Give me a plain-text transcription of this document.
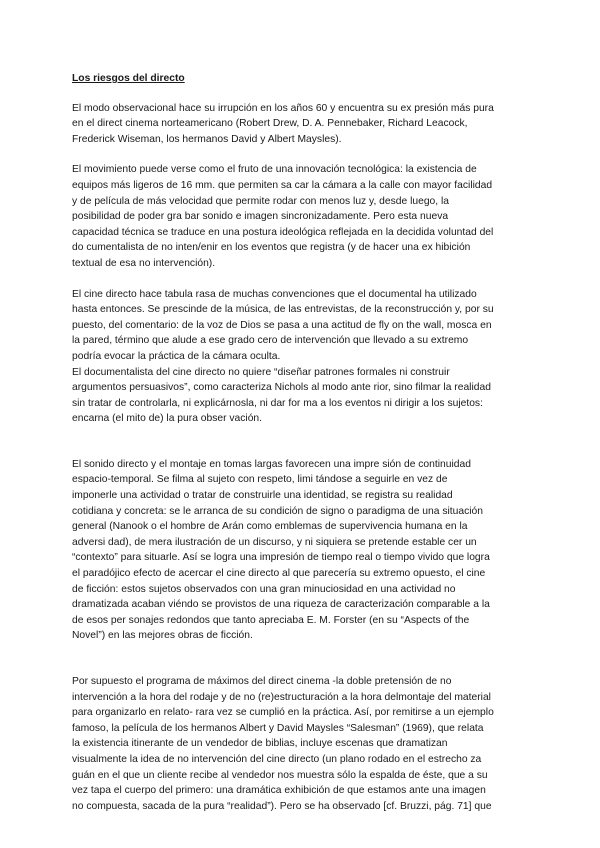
Los riesgos del directo
El modo observacional hace su irrupción en los años 60 y encuentra su ex presión más pura
en el direct cinema norteamericano (Robert Drew, D. A. Pennebaker, Richard Leacock,
Frederick Wiseman, los hermanos David y Albert Maysles).
El movimiento puede verse como el fruto de una innovación tecnológica: la existencia de
equipos más ligeros de 16 mm. que permiten sa car la cámara a la calle con mayor facilidad
y de película de más velocidad que permite rodar con menos luz y, desde luego, la
posibilidad de poder gra bar sonido e imagen sincronizadamente. Pero esta nueva
capacidad técnica se traduce en una postura ideológica reflejada en la decidida voluntad del
do cumentalista de no inten/enir en los eventos que registra (y de hacer una ex hibición
textual de esa no intervención).
El cine directo hace tabula rasa de muchas convenciones que el documental ha utilizado
hasta entonces. Se prescinde de la música, de las entrevistas, de la reconstrucción y, por su
puesto, del comentario: de la voz de Dios se pasa a una actitud de fly on the wall, mosca en
la pared, término que alude a ese grado cero de intervención que llevado a su extremo
podría evocar la práctica de la cámara oculta.
El documentalista del cine directo no quiere “diseñar patrones formales ni construir
argumentos persuasivos”, como caracteriza Nichols al modo ante rior, sino filmar la realidad
sin tratar de controlarla, ni explicárnosla, ni dar for ma a los eventos ni dirigir a los sujetos:
encarna (el mito de) la pura obser vación.
El sonido directo y el montaje en tomas largas favorecen una impre sión de continuidad
espacio-temporal. Se filma al sujeto con respeto, limi tándose a seguirle en vez de
imponerle una actividad o tratar de construirle una identidad, se registra su realidad
cotidiana y concreta: se le arranca de su condición de signo o paradigma de una situación
general (Nanook o el hombre de Arán como emblemas de supervivencia humana en la
adversi dad), de mera ilustración de un discurso, y ni siquiera se pretende estable cer un
“contexto” para situarle. Así se logra una impresión de tiempo real o tiempo vivido que logra
el paradójico efecto de acercar el cine directo al que parecería su extremo opuesto, el cine
de ficción: estos sujetos observados con una gran minuciosidad en una actividad no
dramatizada acaban viéndo se provistos de una riqueza de caracterización comparable a la
de esos per sonajes redondos que tanto apreciaba E. M. Forster (en su “Aspects of the
Novel”) en las mejores obras de ficción.
Por supuesto el programa de máximos del direct cinema -la doble pretensión de no
intervención a la hora del rodaje y de no (re)estructuración a la hora delmontaje del material
para organizarlo en relato- rara vez se cumplió en la práctica. Así, por remitirse a un ejemplo
famoso, la película de los hermanos Albert y David Maysles “Salesman” (1969), que relata
la existencia itinerante de un vendedor de biblias, incluye escenas que dramatizan
visualmente la idea de no intervención del cine directo (un plano rodado en el estrecho za
guán en el que un cliente recibe al vendedor nos muestra sólo la espalda de éste, que a su
vez tapa el cuerpo del primero: una dramática exhibición de que estamos ante una imagen
no compuesta, sacada de la pura “realidad”). Pero se ha observado [cf. Bruzzi, pág. 71] que
